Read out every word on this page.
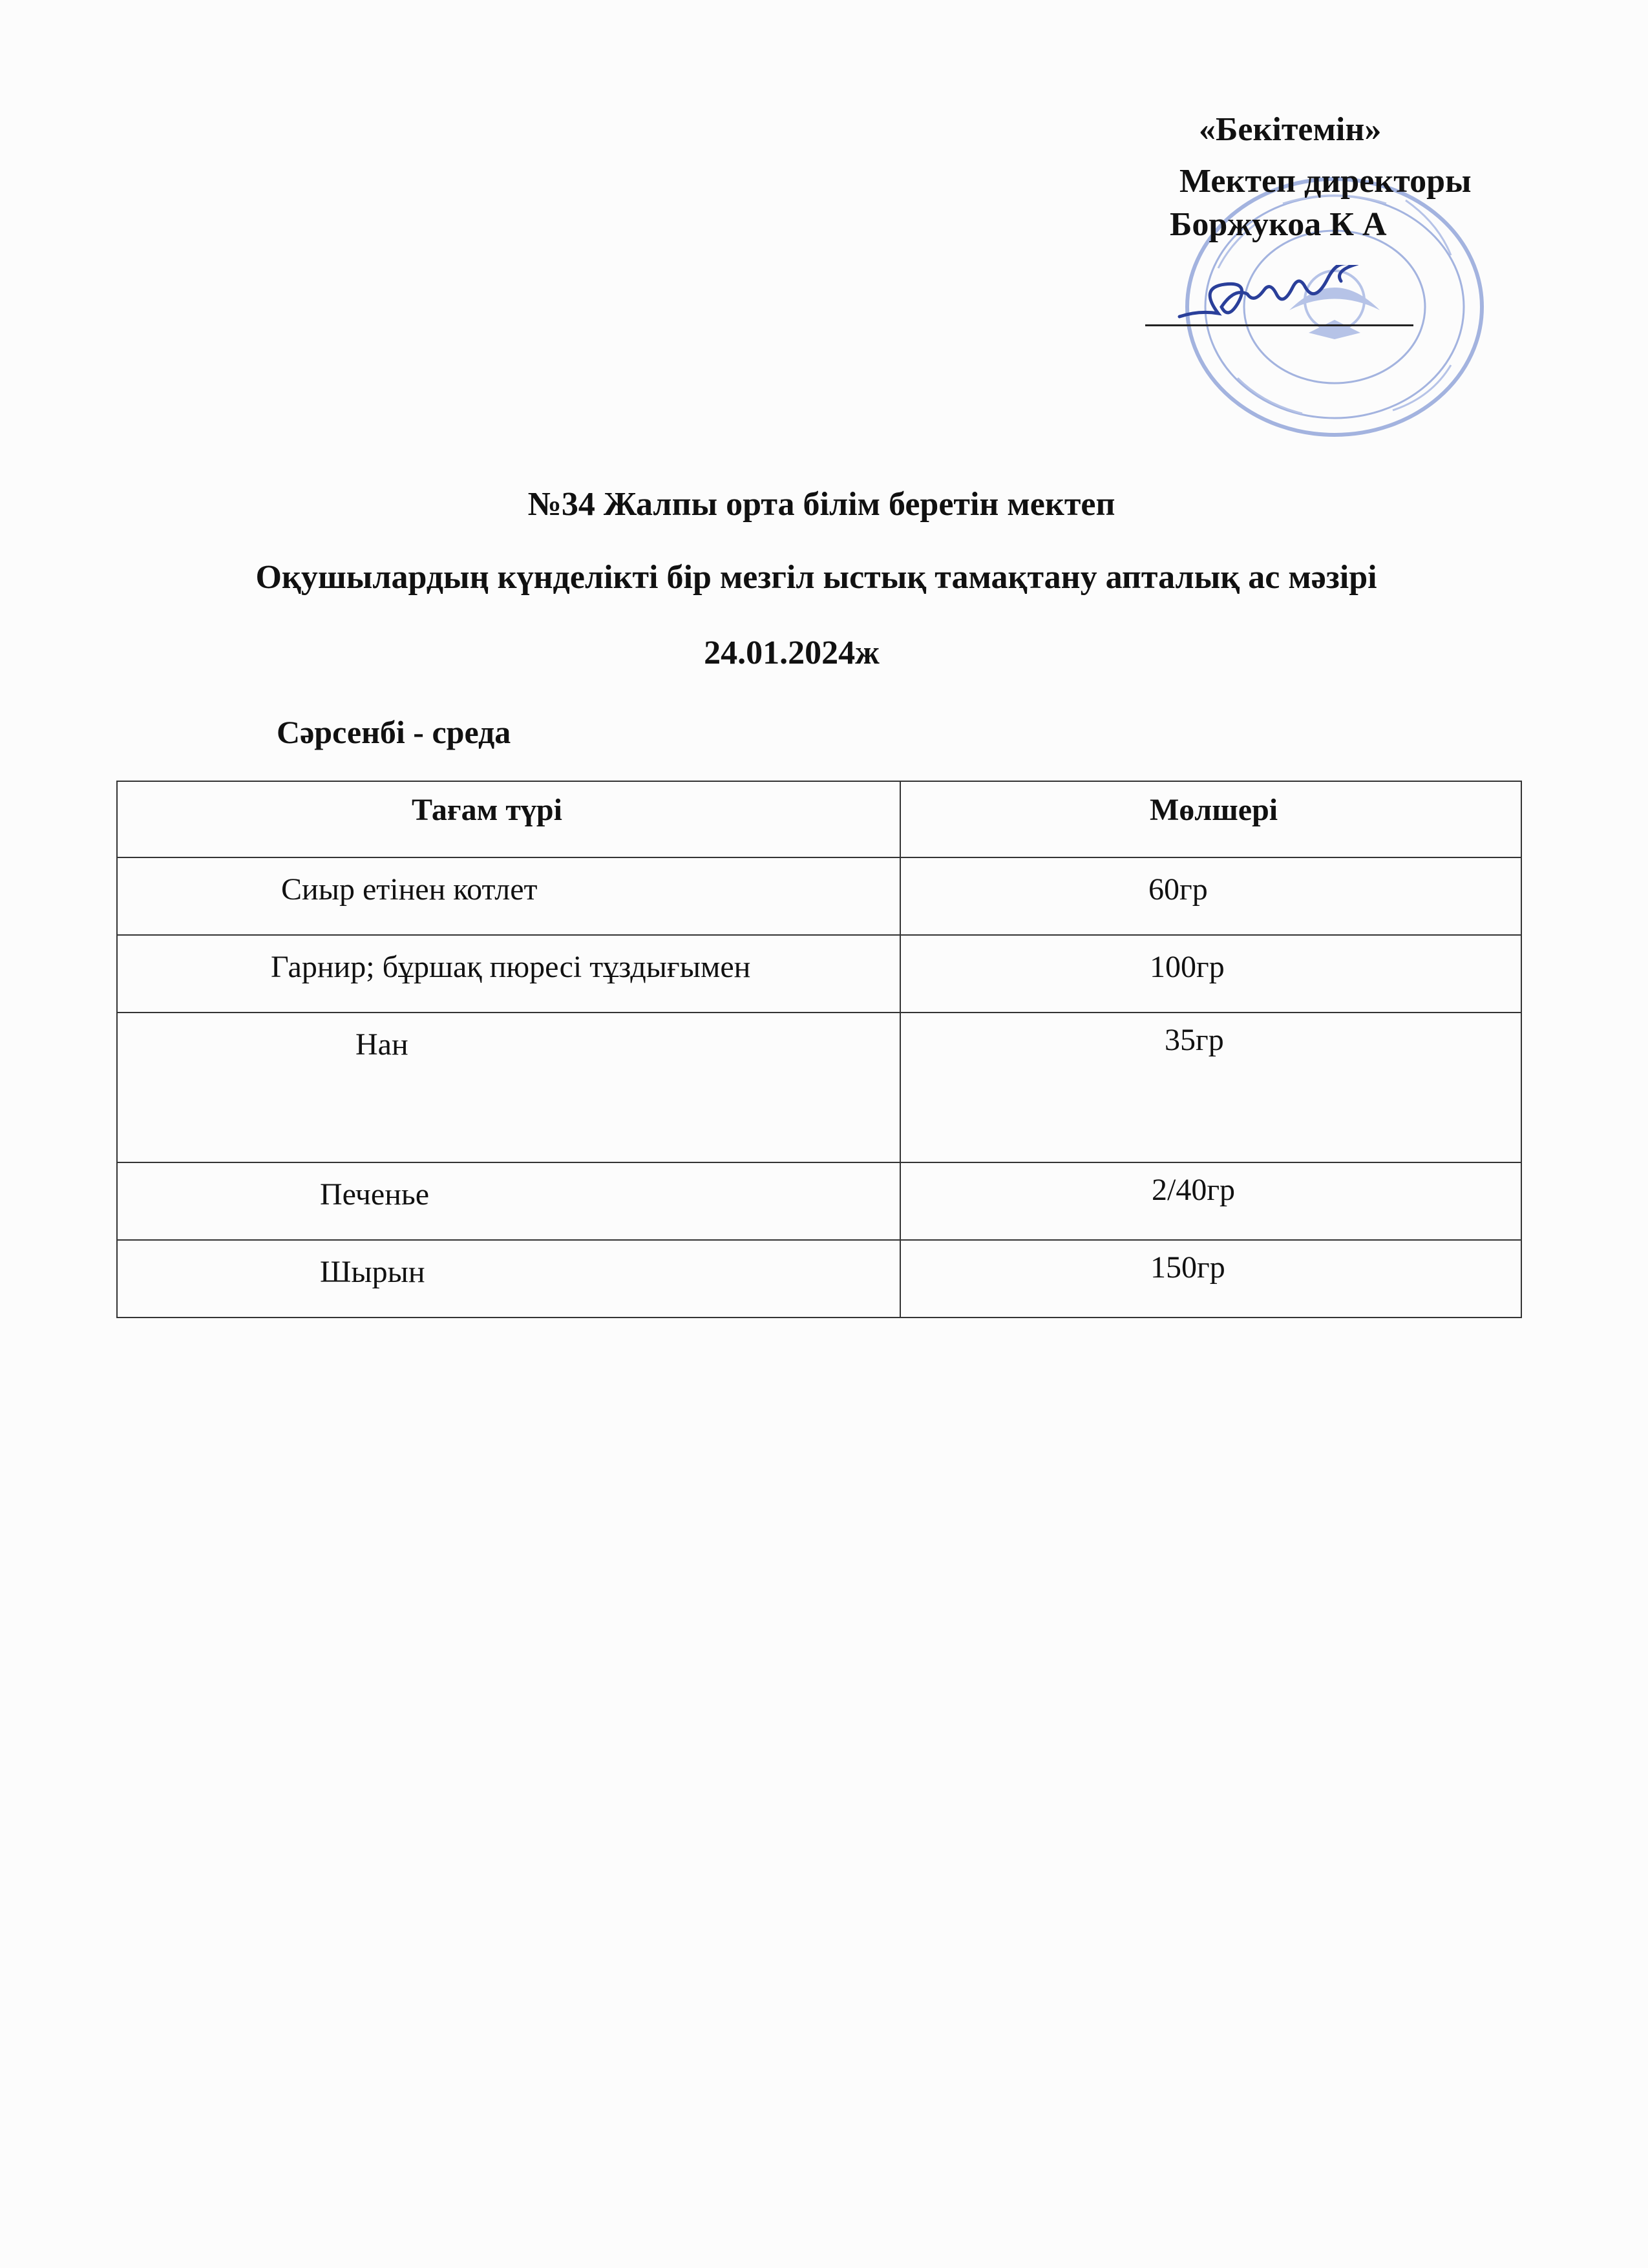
«Бекітемін»
Мектеп директоры
Боржукоа К А
№34 Жалпы орта білім беретін мектеп
Оқушылардың күнделікті бір мезгіл ыстық тамақтану апталық ас мәзірі
24.01.2024ж
Сәрсенбі - среда
Тағам түрі	Мөлшері

Сиыр етінен котлет	60гр

Гарнир; бұршақ пюресі тұздығымен	100гр

Нан	35гр

Печенье	2/40гр

Шырын	150гр
